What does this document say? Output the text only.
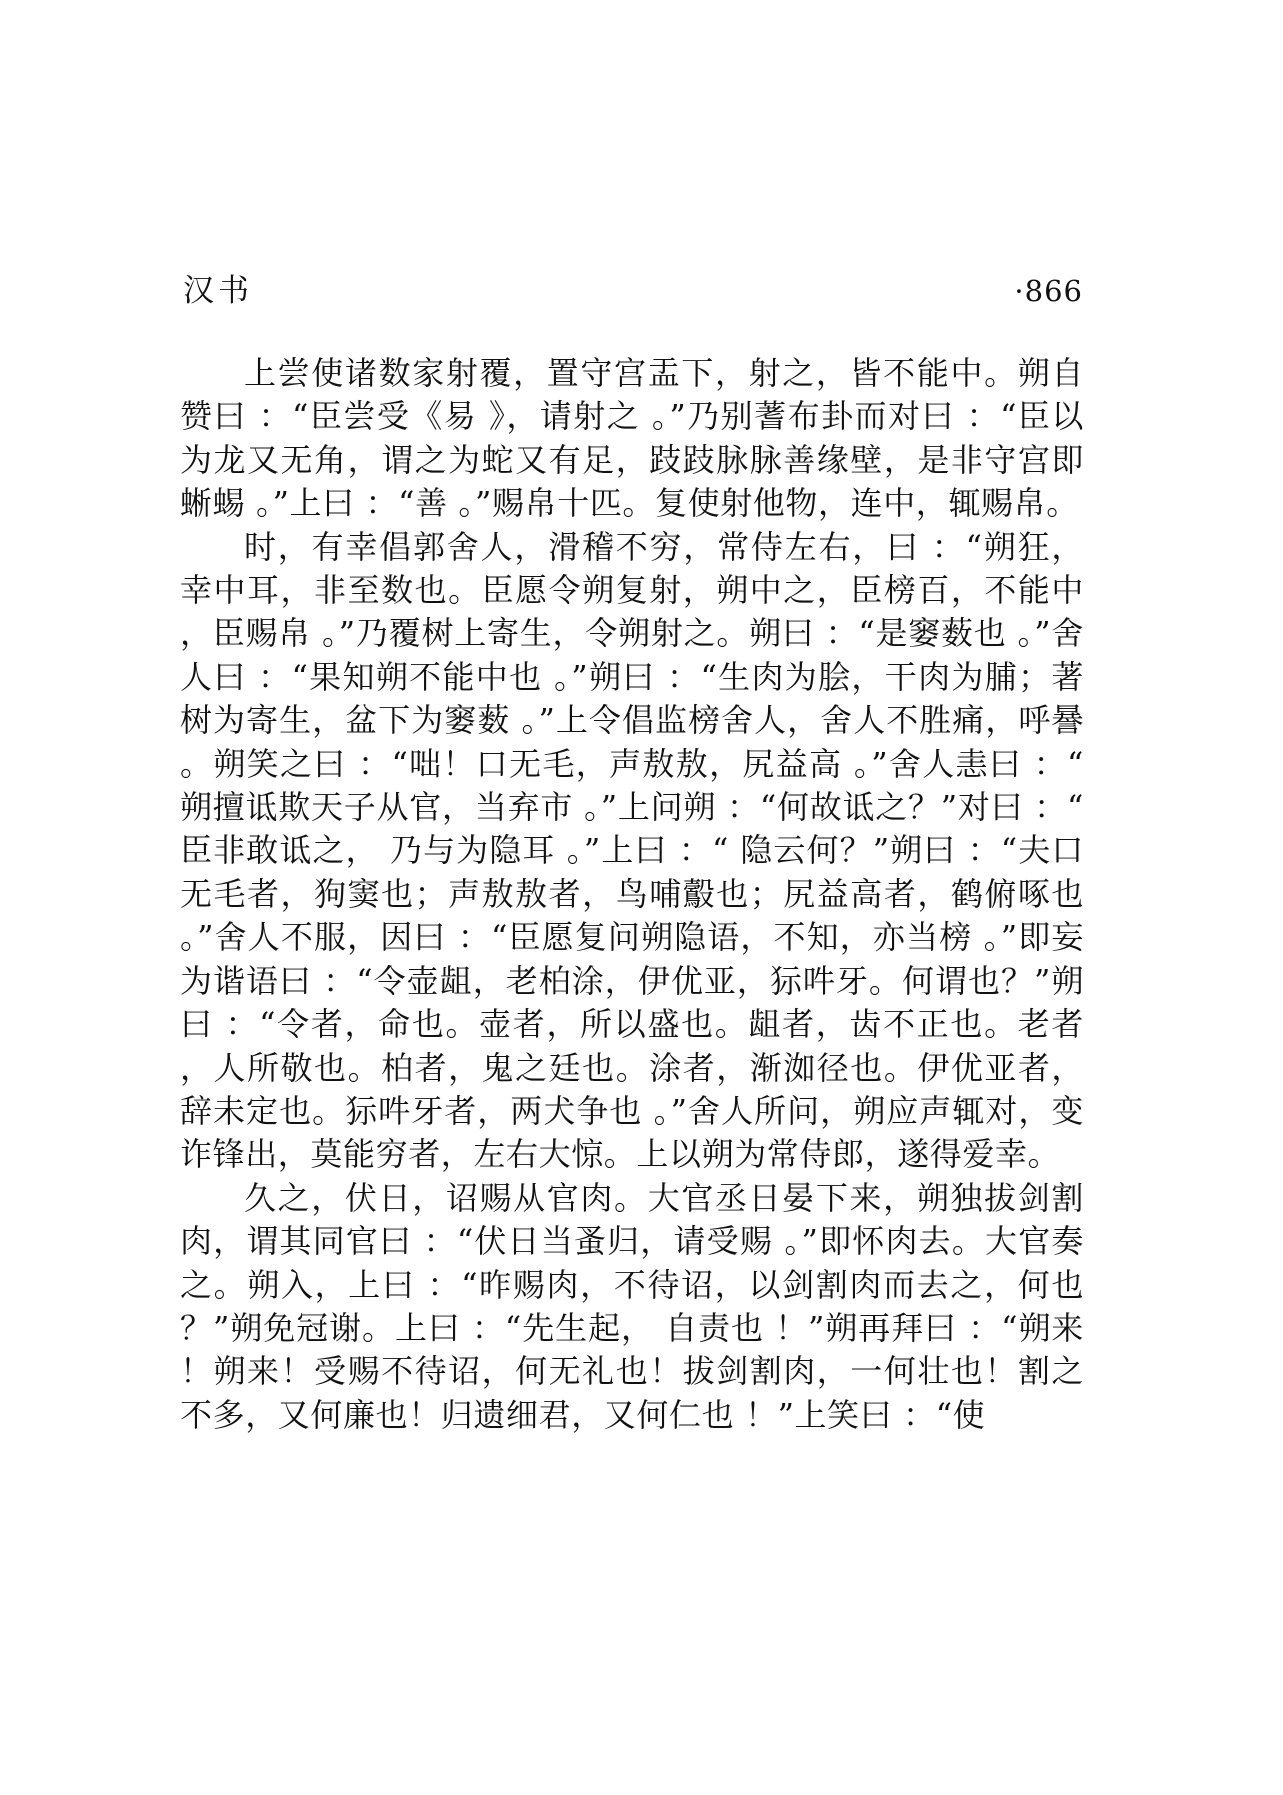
汉书	·866

上尝使诸数家射覆，置守宫盂下，射之，皆不能中。朔自赞曰 ：“臣尝受《易 》，请射之 。”乃别蓍布卦而对曰 ：“臣以为龙又无角，谓之为蛇又有足，跂跂脉脉善缘壁，是非守宫即蜥蜴 。”上曰 ：“善 。”赐帛十匹。复使射他物，连中，辄赐帛。

时，有幸倡郭舍人，滑稽不穷，常侍左右，曰 ：“朔狂，幸中耳，非至数也。臣愿令朔复射，朔中之，臣榜百，不能中，臣赐帛 。”乃覆树上寄生，令朔射之。朔曰 ：“是窭薮也 。”舍人曰 ：“果知朔不能中也 。”朔曰 ：“生肉为脍，干肉为脯；著树为寄生，盆下为窭薮 。”上令倡监榜舍人，舍人不胜痛，呼謈。朔笑之曰 ：“咄！口无毛，声敖敖，尻益高 。”舍人恚曰 ：“朔擅诋欺天子从官，当弃市 。”上问朔 ：“何故诋之？”对曰 ：“臣非敢诋之， 乃与为隐耳 。”上曰 ：“ 隐云何？”朔曰 ：“夫口无毛者，狗窦也；声敖敖者，鸟哺鷇也；尻益高者，鹤俯啄也 。”舍人不服，因曰 ：“臣愿复问朔隐语，不知，亦当榜 。”即妄为谐语曰 ：“令壶龃，老柏涂，伊优亚，狋吽牙。何谓也？”朔曰 ：“令者，命也。壶者，所以盛也。龃者，齿不正也。老者，人所敬也。柏者，鬼之廷也。涂者，渐洳径也。伊优亚者，辞未定也。狋吽牙者，两犬争也 。”舍人所问，朔应声辄对，变诈锋出，莫能穷者，左右大惊。上以朔为常侍郎，遂得爱幸。

久之，伏日，诏赐从官肉。大官丞日晏下来，朔独拔剑割肉，谓其同官曰 ：“伏日当蚤归，请受赐 。”即怀肉去。大官奏之。朔入，上曰 ：“昨赐肉，不待诏，以剑割肉而去之，何也？”朔免冠谢。上曰 ：“先生起， 自责也 ！”朔再拜曰 ：“朔来！朔来！受赐不待诏，何无礼也！拔剑割肉，一何壮也！割之不多，又何廉也！归遗细君，又何仁也 ！”上笑曰 ：“使
